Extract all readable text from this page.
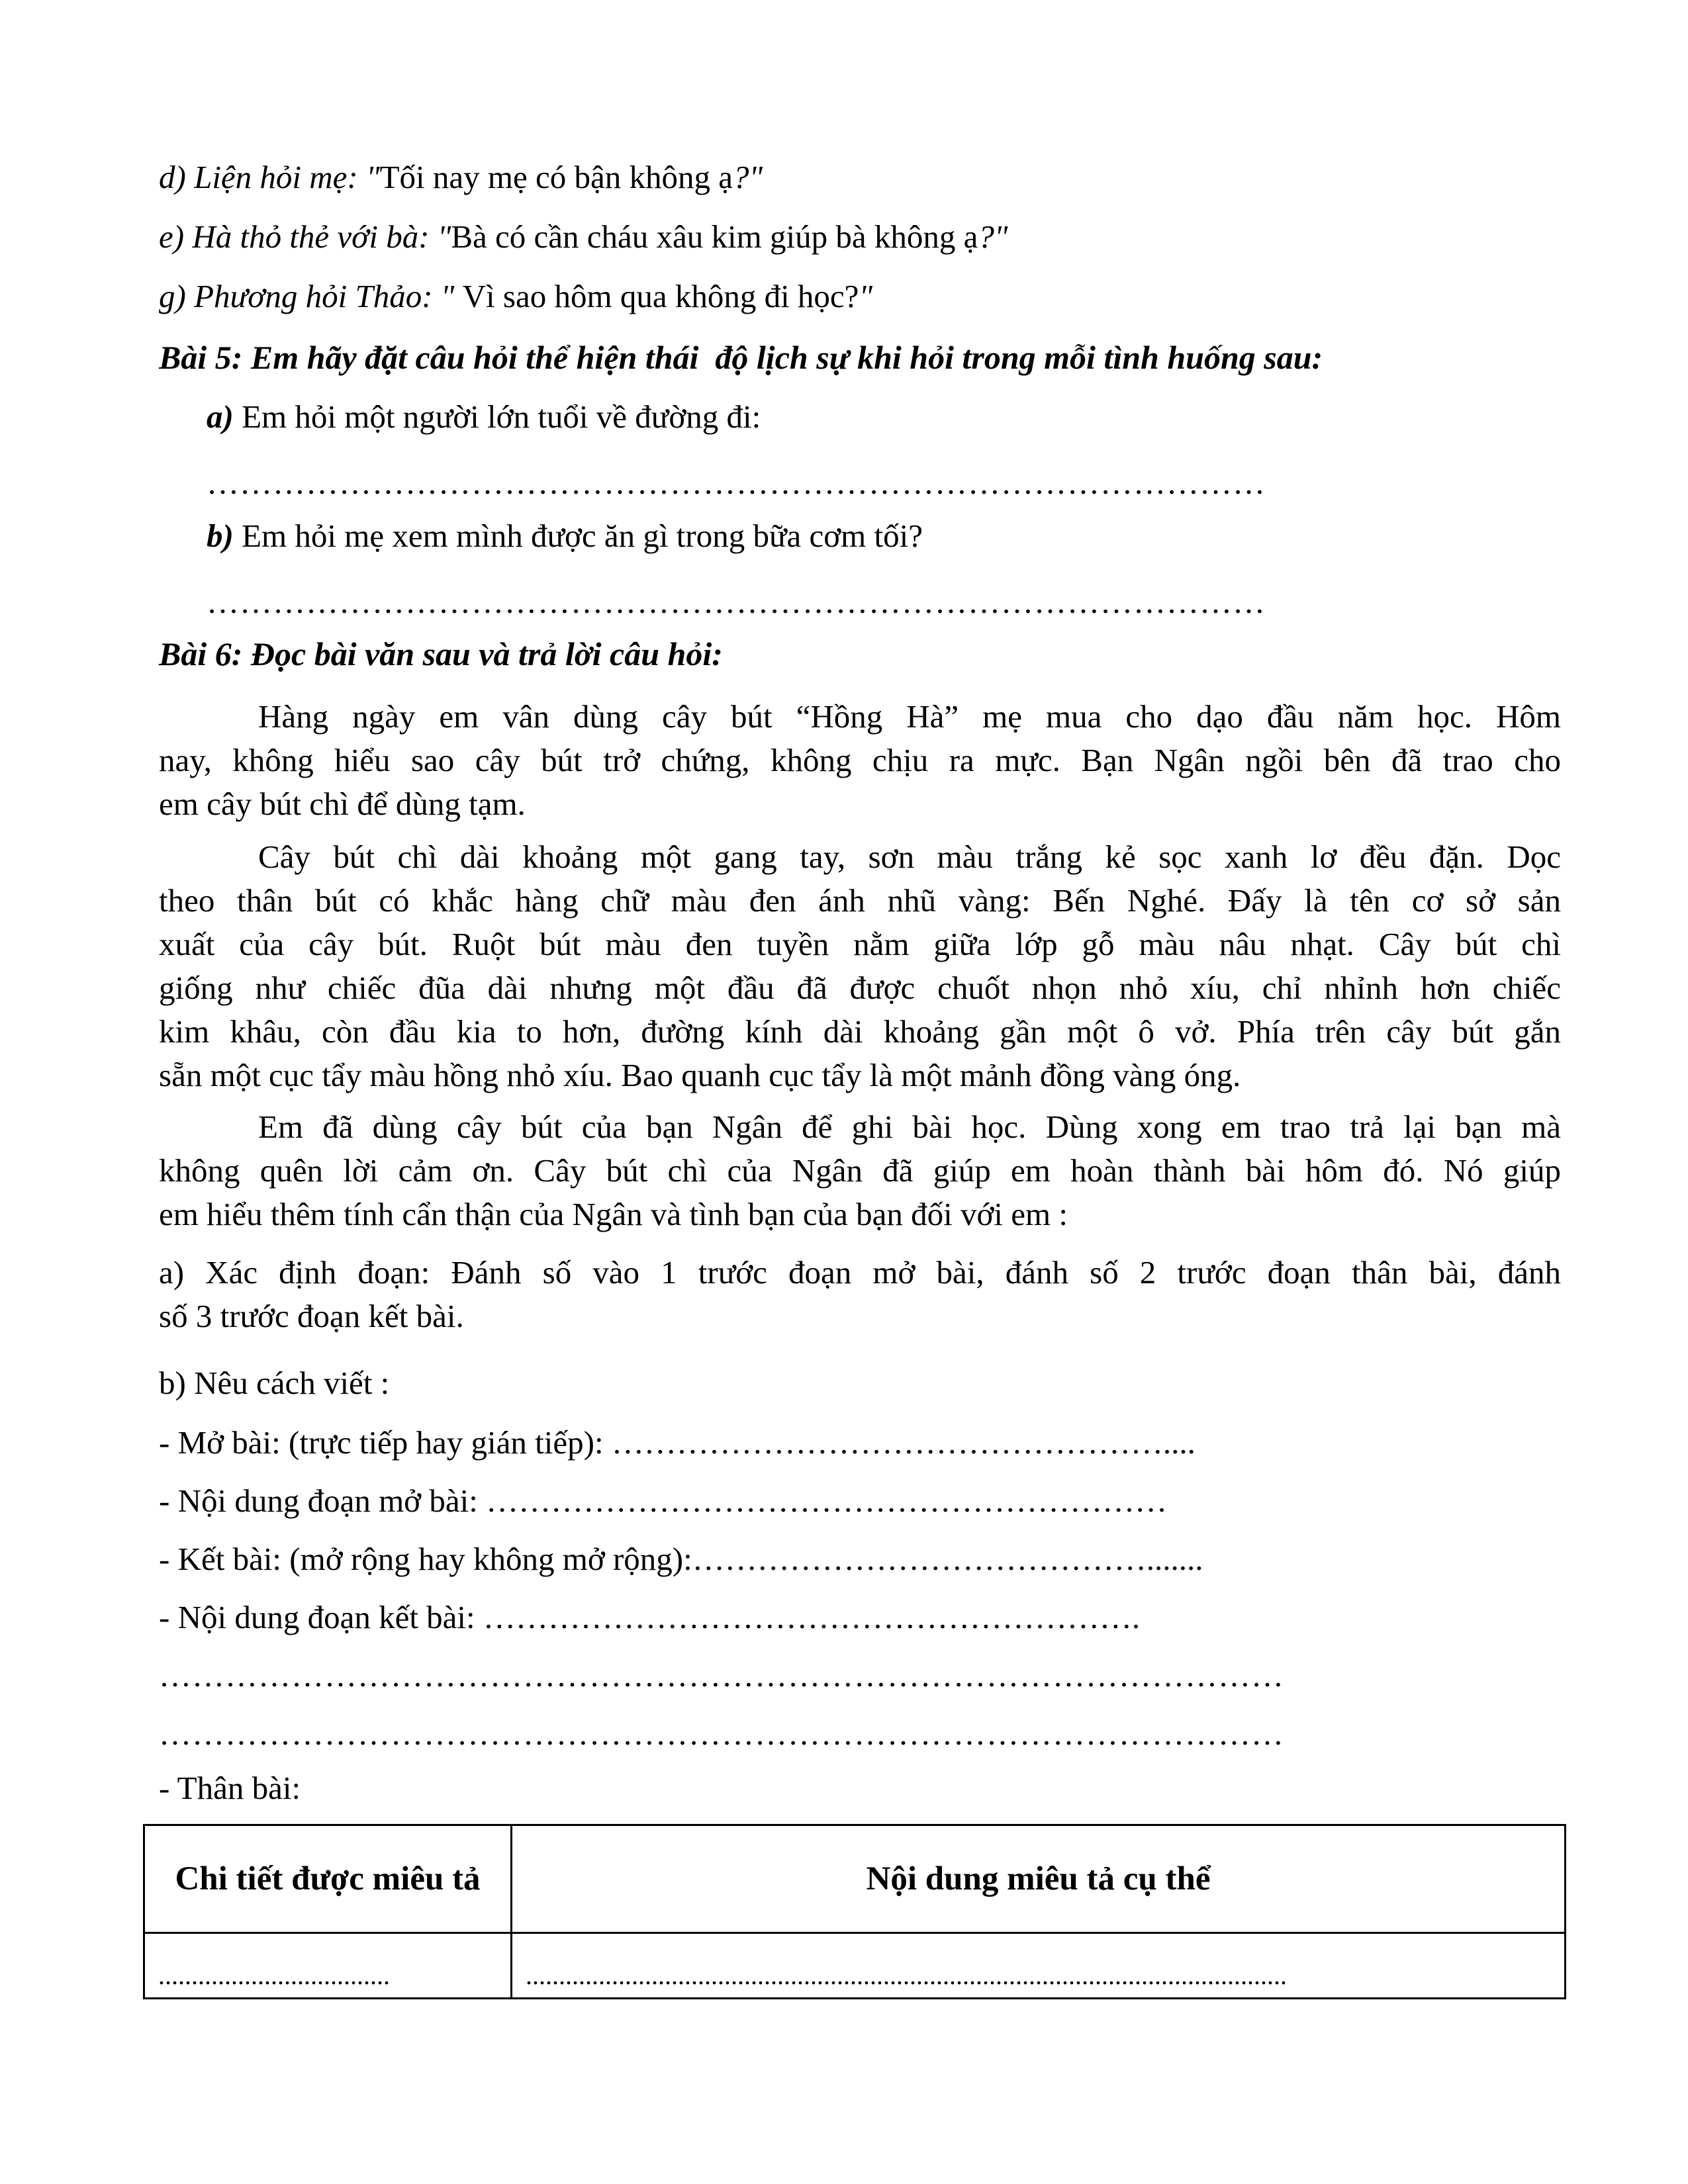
d) Liện hỏi mẹ: "Tối nay mẹ có bận không ạ?"
e) Hà thỏ thẻ với bà: "Bà có cần cháu xâu kim giúp bà không ạ?"
g) Phương hỏi Thảo: " Vì sao hôm qua không đi học?"
Bài 5: Em hãy đặt câu hỏi thể hiện thái  độ lịch sự khi hỏi trong mỗi tình huống sau:
a) Em hỏi một người lớn tuổi về đường đi:
……………………………………………………………………………………
b) Em hỏi mẹ xem mình được ăn gì trong bữa cơm tối?
……………………………………………………………………………………
Bài 6: Đọc bài văn sau và trả lời câu hỏi:
Hàng ngày em vân dùng cây bút “Hồng Hà” mẹ mua cho dạo đầu năm học. Hôm
nay, không hiểu sao cây bút trở chứng, không chịu ra mực. Bạn Ngân ngồi bên đã trao cho
em cây bút chì để dùng tạm.
Cây bút chì dài khoảng một gang tay, sơn màu trắng kẻ sọc xanh lơ đều đặn. Dọc
theo thân bút có khắc hàng chữ màu đen ánh nhũ vàng: Bến Nghé. Đấy là tên cơ sở sản
xuất của cây bút. Ruột bút màu đen tuyền nằm giữa lớp gỗ màu nâu nhạt. Cây bút chì
giống như chiếc đũa dài nhưng một đầu đã được chuốt nhọn nhỏ xíu, chỉ nhỉnh hơn chiếc
kim khâu, còn đầu kia to hơn, đường kính dài khoảng gần một ô vở. Phía trên cây bút gắn
sẵn một cục tẩy màu hồng nhỏ xíu. Bao quanh cục tẩy là một mảnh đồng vàng óng.
Em đã dùng cây bút của bạn Ngân để ghi bài học. Dùng xong em trao trả lại bạn mà
không quên lời cảm ơn. Cây bút chì của Ngân đã giúp em hoàn thành bài hôm đó. Nó giúp
em hiểu thêm tính cẩn thận của Ngân và tình bạn của bạn đối với em :
a) Xác định đoạn: Đánh số vào 1 trước đoạn mở bài, đánh số 2 trước đoạn thân bài, đánh
số 3 trước đoạn kết bài.
b) Nêu cách viết :
- Mở bài: (trực tiếp hay gián tiếp): ……………………………………………....
- Nội dung đoạn mở bài: ………………………………………………………
- Kết bài: (mở rộng hay không mở rộng):…………………………………….......
- Nội dung đoạn kết bài: …………………………………………………….
…………………………………………………………………………………………
…………………………………………………………………………………………
- Thân bài:
Chi tiết được miêu tả	Nội dung miêu tả cụ thể
...................................	...................................................................................................................
